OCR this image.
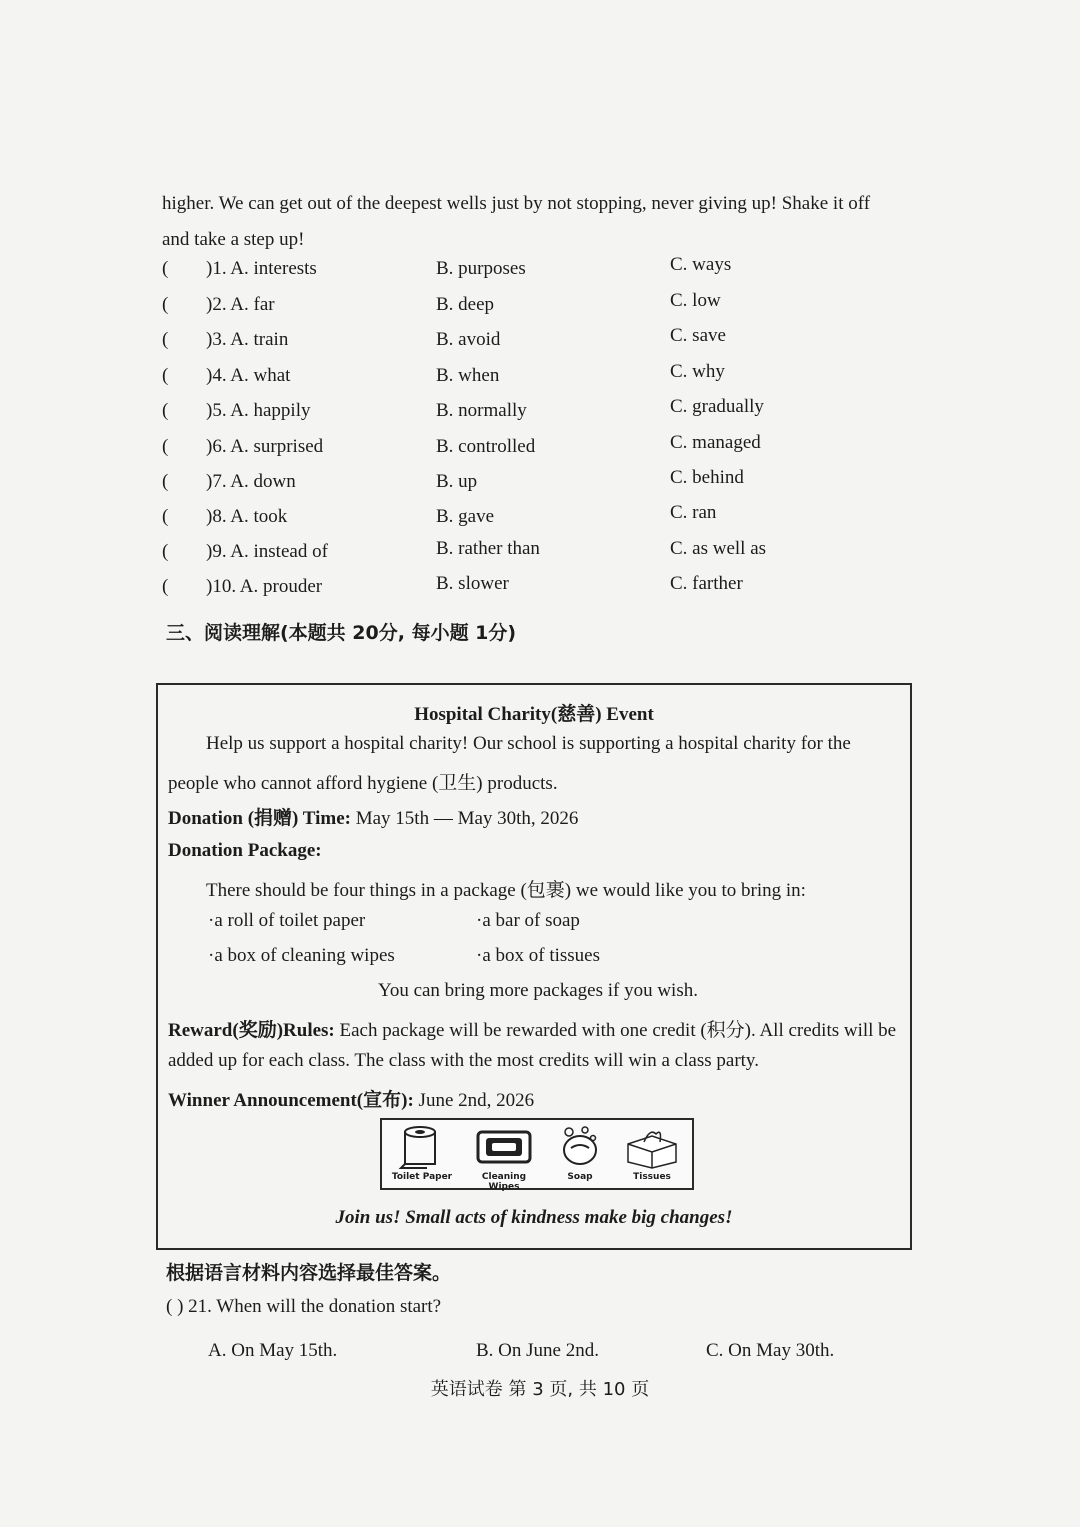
higher. We can get out of the deepest wells just by not stopping, never giving up! Shake it off
and take a step up!
( )1. A. interests	B. purposes	C. ways
( )2. A. far	B. deep	C. low
( )3. A. train	B. avoid	C. save
( )4. A. what	B. when	C. why
( )5. A. happily	B. normally	C. gradually
( )6. A. surprised	B. controlled	C. managed
( )7. A. down	B. up	C. behind
( )8. A. took	B. gave	C. ran
( )9. A. instead of	B. rather than	C. as well as
( )10. A. prouder	B. slower	C. farther
三、阅读理解(本题共 20分, 每小题 1分)
Hospital Charity(慈善) Event
Help us support a hospital charity! Our school is supporting a hospital charity for the
people who cannot afford hygiene (卫生) products.
Donation (捐赠) Time: May 15th — May 30th, 2026
Donation Package:
There should be four things in a package (包裹) we would like you to bring in:
·a roll of toilet paper	·a bar of soap
·a box of cleaning wipes	·a box of tissues
You can bring more packages if you wish.
Reward(奖励)Rules: Each package will be rewarded with one credit (积分). All credits will be
added up for each class. The class with the most credits will win a class party.
Winner Announcement(宣布): June 2nd, 2026
Toilet Paper	Cleaning Wipes
Soap	Tissues
Join us! Small acts of kindness make big changes!
根据语言材料内容选择最佳答案。
( ) 21. When will the donation start?
A. On May 15th.	B. On June 2nd.	C. On May 30th.
英语试卷 第 3 页, 共 10 页
